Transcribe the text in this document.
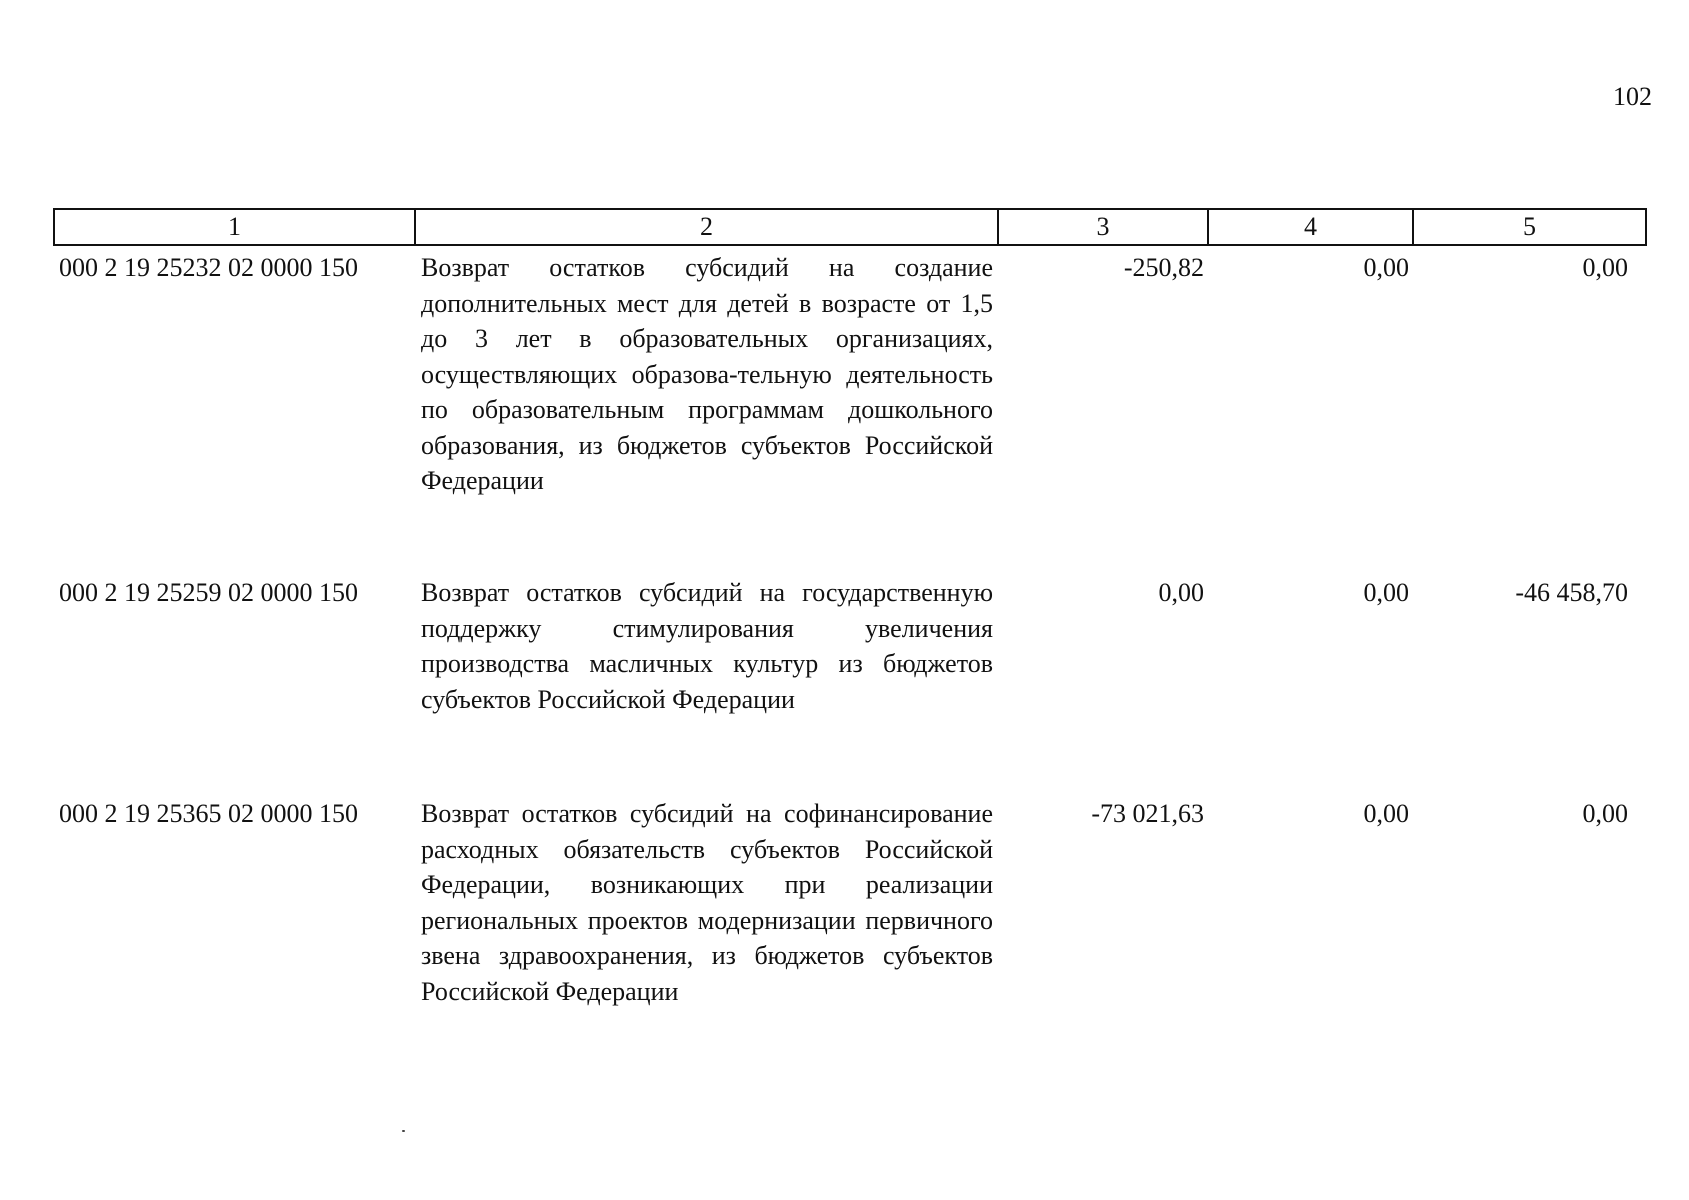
102
1	2	3	4	5
000 2 19 25232 02 0000 150	Возврат остатков субсидий на создание дополнительных мест для детей в возрасте от 1,5 до 3 лет в образовательных организациях, осуществляющих образова-тельную деятельность по образовательным программам дошкольного образования, из бюджетов субъектов Российской Федерации	-250,82	0,00	0,00
000 2 19 25259 02 0000 150	Возврат остатков субсидий на государственную поддержку стимулирования увеличения производства масличных культур из бюджетов субъектов Российской Федерации	0,00	0,00	-46 458,70
000 2 19 25365 02 0000 150	Возврат остатков субсидий на софинансирование расходных обязательств субъектов Российской Федерации, возникающих при реализации региональных проектов модернизации первичного звена здравоохранения, из бюджетов субъектов Российской Федерации	-73 021,63	0,00	0,00
